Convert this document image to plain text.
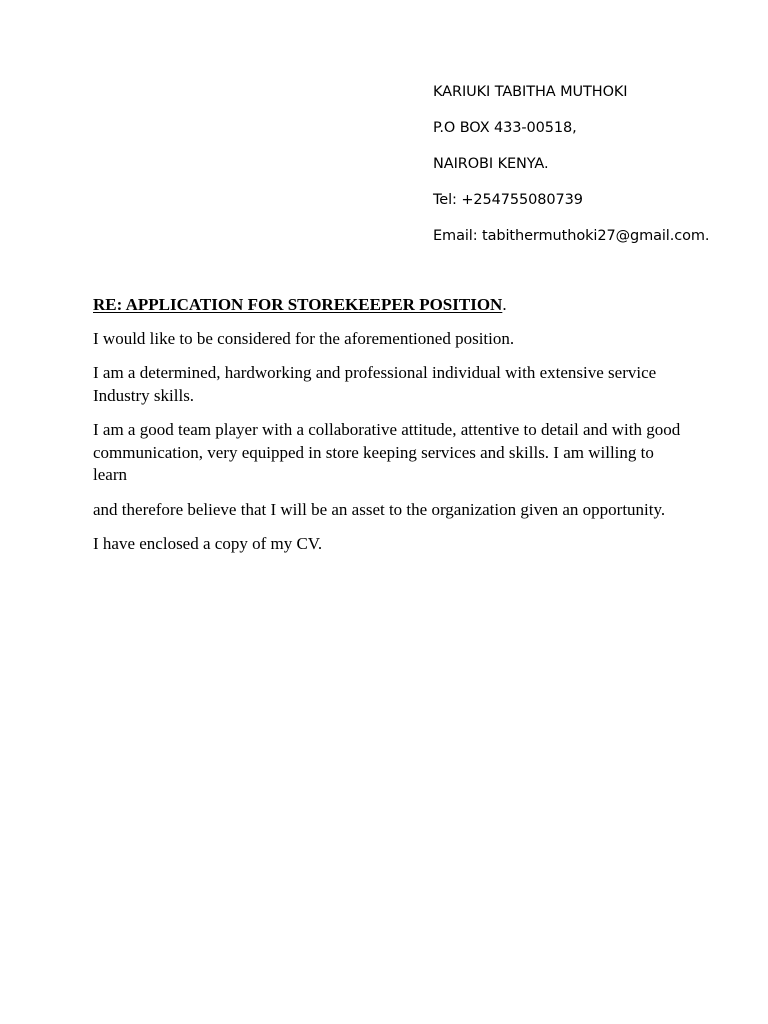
KARIUKI TABITHA MUTHOKI

P.O BOX 433-00518,

NAIROBI KENYA.

Tel: +254755080739

Email: tabithermuthoki27@gmail.com.

RE: APPLICATION FOR STOREKEEPER POSITION.

I would like to be considered for the aforementioned position.

I am a determined, hardworking and professional individual with extensive service Industry skills.

I am a good team player with a collaborative attitude, attentive to detail and with good communication, very equipped in store keeping services and skills. I am willing to learn

and therefore believe that I will be an asset to the organization given an opportunity.

I have enclosed a copy of my CV.
